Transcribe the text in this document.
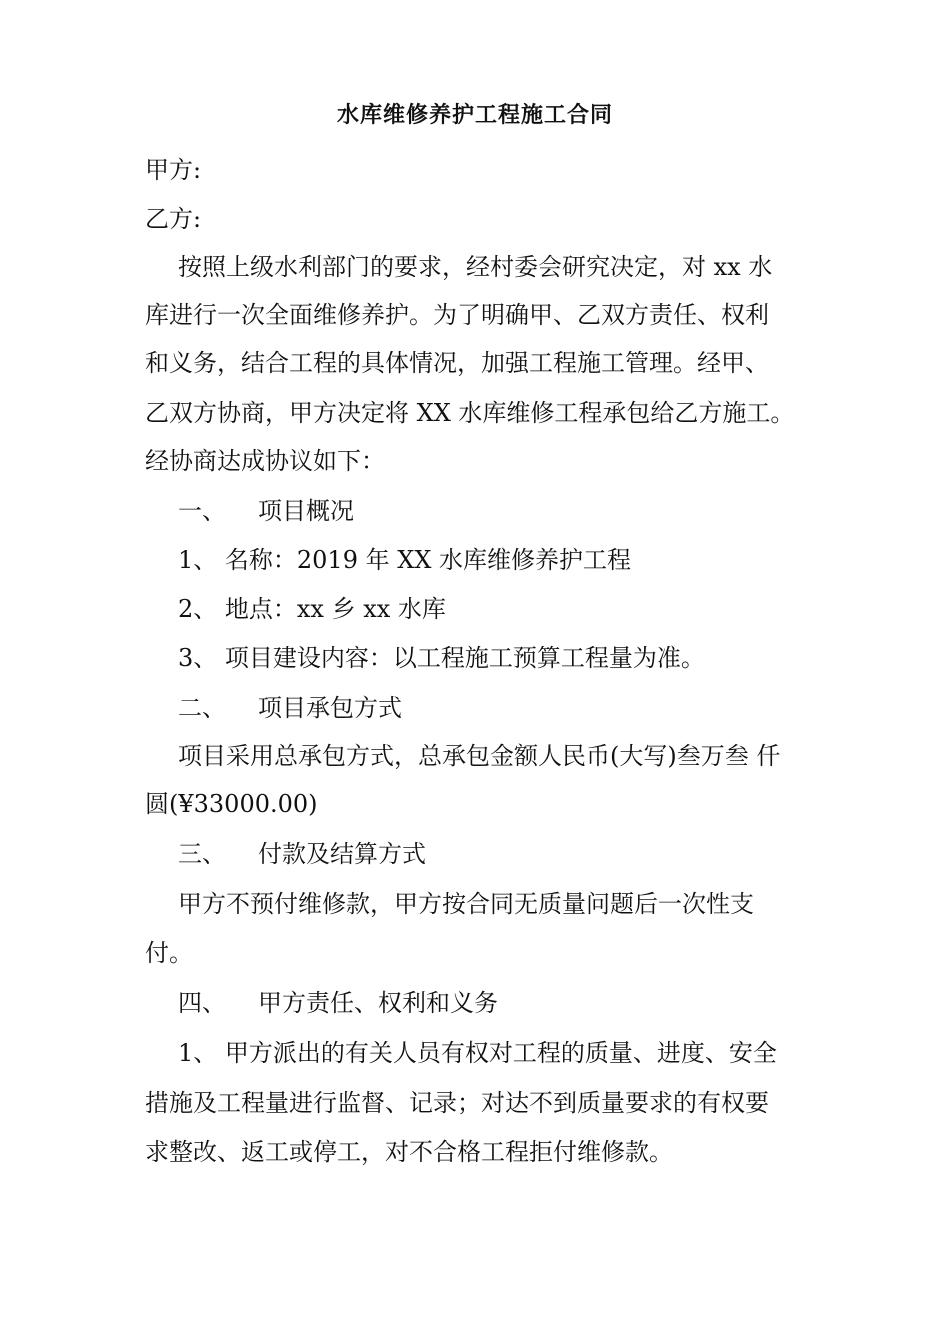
水库维修养护工程施工合同
甲方:
乙方:
按照上级水利部门的要求，经村委会研究决定，对 xx 水
库进行一次全面维修养护。为了明确甲、乙双方责任、权利
和义务，结合工程的具体情况，加强工程施工管理。经甲、
乙双方协商，甲方决定将 XX 水库维修工程承包给乙方施工。
经协商达成协议如下：
一、 项目概况
1、 名称：2019 年 XX 水库维修养护工程
2、 地点：xx 乡 xx 水库
3、 项目建设内容：以工程施工预算工程量为准。
二、 项目承包方式
项目采用总承包方式，总承包金额人民币(大写)叁万叁 仟
圆(¥33000.00)
三、 付款及结算方式
甲方不预付维修款，甲方按合同无质量问题后一次性支
付。
四、 甲方责任、权利和义务
1、 甲方派出的有关人员有权对工程的质量、进度、安全
措施及工程量进行监督、记录；对达不到质量要求的有权要
求整改、返工或停工，对不合格工程拒付维修款。
